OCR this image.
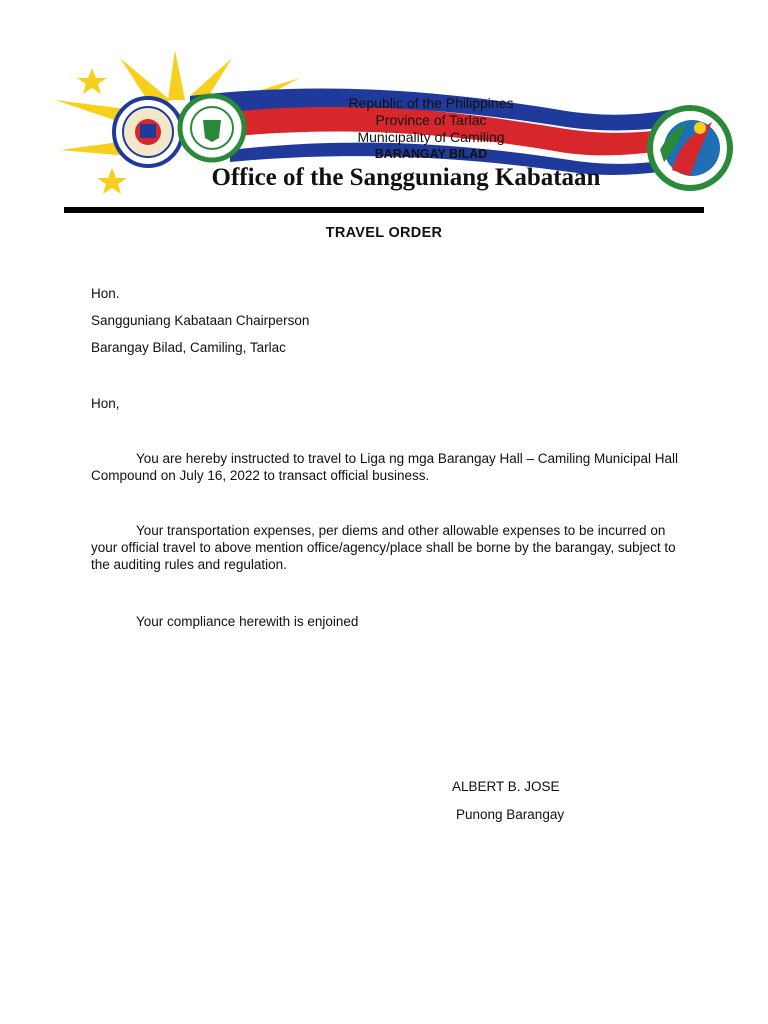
Republic of the Philippines
Province of Tarlac
Municipality of Camiling
BARANGAY BILAD
Office of the Sangguniang Kabataan
TRAVEL ORDER
Hon.
Sangguniang Kabataan Chairperson
Barangay Bilad, Camiling, Tarlac
Hon,
You are hereby instructed to travel to Liga ng mga Barangay Hall – Camiling Municipal Hall Compound on July 16, 2022 to transact official business.
Your transportation expenses, per diems and other allowable expenses to be incurred on your official travel to above mention office/agency/place shall be borne by the barangay, subject to the auditing rules and regulation.
Your compliance herewith is enjoined
ALBERT B. JOSE
Punong Barangay
